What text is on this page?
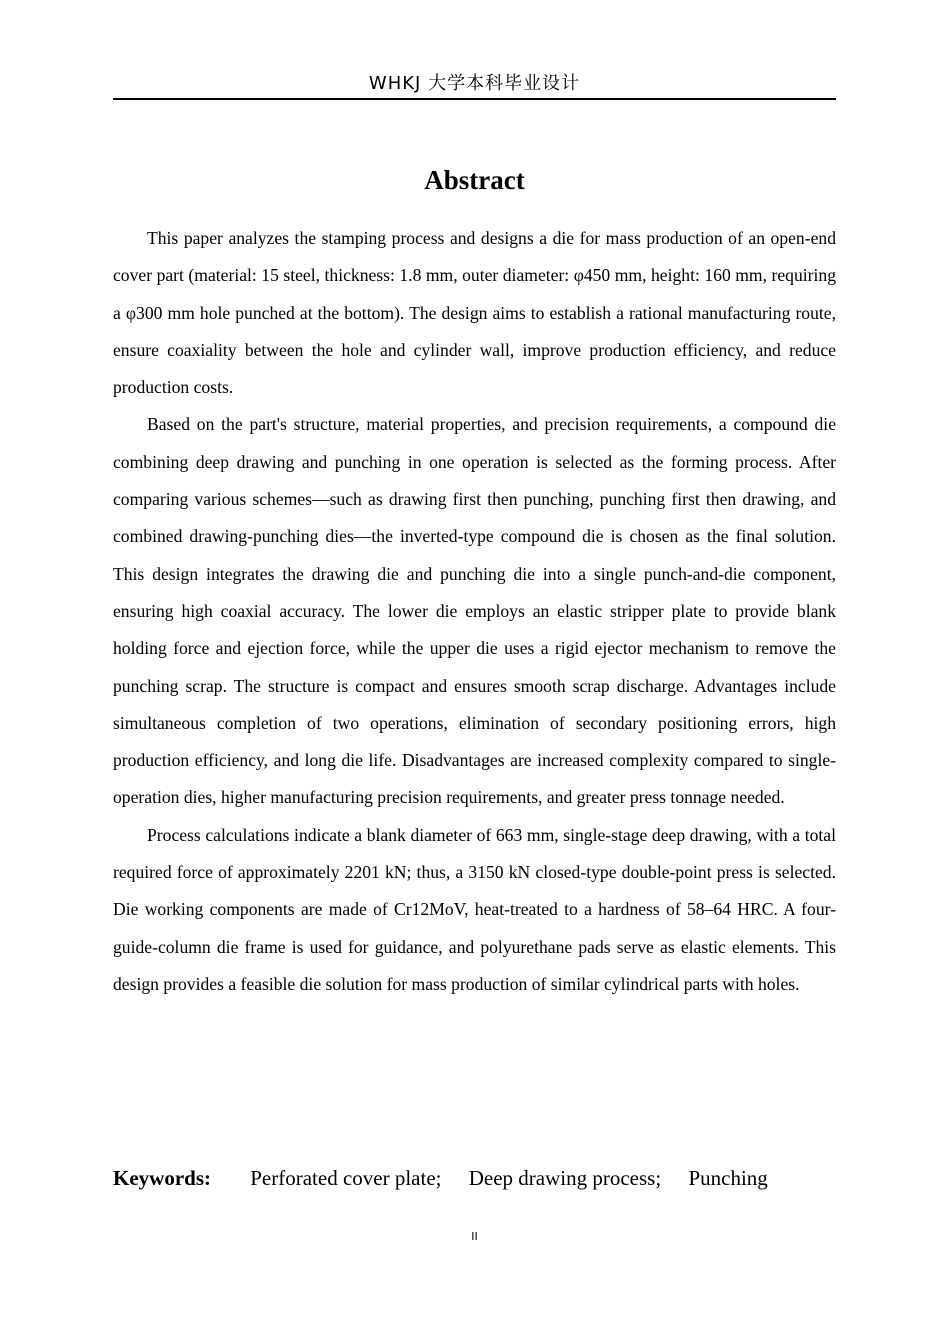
WHKJ 大学本科毕业设计
Abstract

This paper analyzes the stamping process and designs a die for mass production of an open-end cover part (material: 15 steel, thickness: 1.8 mm, outer diameter: φ450 mm, height: 160 mm, requiring a φ300 mm hole punched at the bottom). The design aims to establish a rational manufacturing route, ensure coaxiality between the hole and cylinder wall, improve production efficiency, and reduce production costs.

Based on the part's structure, material properties, and precision requirements, a compound die combining deep drawing and punching in one operation is selected as the forming process. After comparing various schemes—such as drawing first then punching, punching first then drawing, and combined drawing-punching dies—the inverted-type compound die is chosen as the final solution. This design integrates the drawing die and punching die into a single punch-and-die component, ensuring high coaxial accuracy. The lower die employs an elastic stripper plate to provide blank holding force and ejection force, while the upper die uses a rigid ejector mechanism to remove the punching scrap. The structure is compact and ensures smooth scrap discharge. Advantages include simultaneous completion of two operations, elimination of secondary positioning errors, high production efficiency, and long die life. Disadvantages are increased complexity compared to single-operation dies, higher manufacturing precision requirements, and greater press tonnage needed.

Process calculations indicate a blank diameter of 663 mm, single-stage deep drawing, with a total required force of approximately 2201 kN; thus, a 3150 kN closed-type double-point press is selected. Die working components are made of Cr12MoV, heat-treated to a hardness of 58–64 HRC. A four-guide-column die frame is used for guidance, and polyurethane pads serve as elastic elements. This design provides a feasible die solution for mass production of similar cylindrical parts with holes.

Keywords: Perforated cover plate; Deep drawing process; Punching
II
